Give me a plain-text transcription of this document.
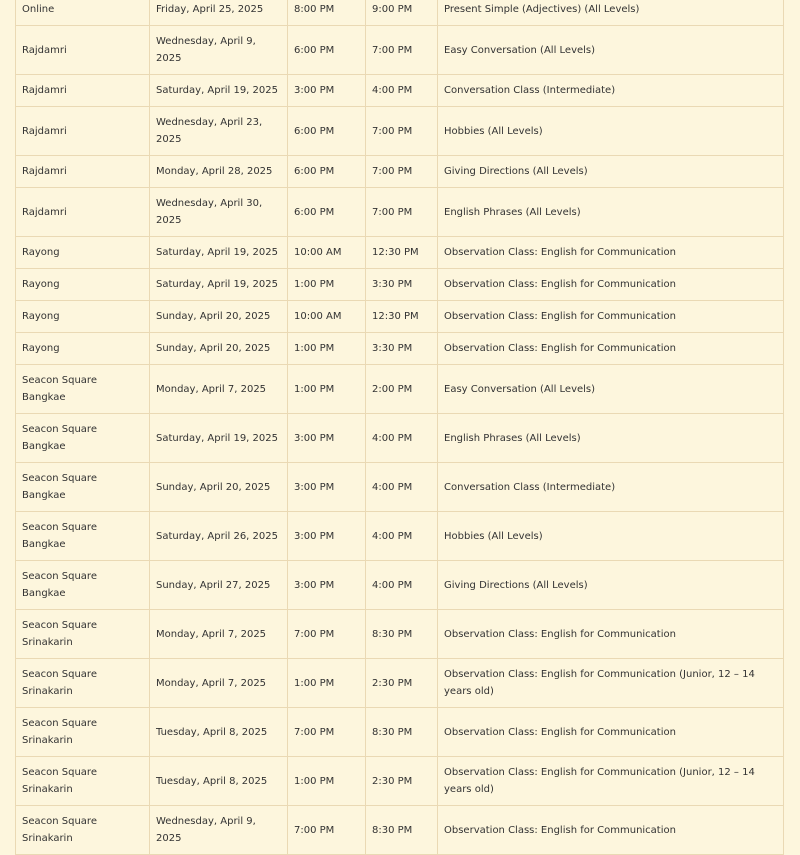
Online	Friday, April 25, 2025	8:00 PM	9:00 PM	Present Simple (Adjectives) (All Levels)
Rajdamri	Wednesday, April 9, 2025	6:00 PM	7:00 PM	Easy Conversation (All Levels)
Rajdamri	Saturday, April 19, 2025	3:00 PM	4:00 PM	Conversation Class (Intermediate)
Rajdamri	Wednesday, April 23, 2025	6:00 PM	7:00 PM	Hobbies (All Levels)
Rajdamri	Monday, April 28, 2025	6:00 PM	7:00 PM	Giving Directions (All Levels)
Rajdamri	Wednesday, April 30, 2025	6:00 PM	7:00 PM	English Phrases (All Levels)
Rayong	Saturday, April 19, 2025	10:00 AM	12:30 PM	Observation Class: English for Communication
Rayong	Saturday, April 19, 2025	1:00 PM	3:30 PM	Observation Class: English for Communication
Rayong	Sunday, April 20, 2025	10:00 AM	12:30 PM	Observation Class: English for Communication
Rayong	Sunday, April 20, 2025	1:00 PM	3:30 PM	Observation Class: English for Communication
Seacon Square Bangkae	Monday, April 7, 2025	1:00 PM	2:00 PM	Easy Conversation (All Levels)
Seacon Square Bangkae	Saturday, April 19, 2025	3:00 PM	4:00 PM	English Phrases (All Levels)
Seacon Square Bangkae	Sunday, April 20, 2025	3:00 PM	4:00 PM	Conversation Class (Intermediate)
Seacon Square Bangkae	Saturday, April 26, 2025	3:00 PM	4:00 PM	Hobbies (All Levels)
Seacon Square Bangkae	Sunday, April 27, 2025	3:00 PM	4:00 PM	Giving Directions (All Levels)
Seacon Square Srinakarin	Monday, April 7, 2025	7:00 PM	8:30 PM	Observation Class: English for Communication
Seacon Square Srinakarin	Monday, April 7, 2025	1:00 PM	2:30 PM	Observation Class: English for Communication (Junior, 12 – 14 years old)
Seacon Square Srinakarin	Tuesday, April 8, 2025	7:00 PM	8:30 PM	Observation Class: English for Communication
Seacon Square Srinakarin	Tuesday, April 8, 2025	1:00 PM	2:30 PM	Observation Class: English for Communication (Junior, 12 – 14 years old)
Seacon Square Srinakarin	Wednesday, April 9, 2025	7:00 PM	8:30 PM	Observation Class: English for Communication
